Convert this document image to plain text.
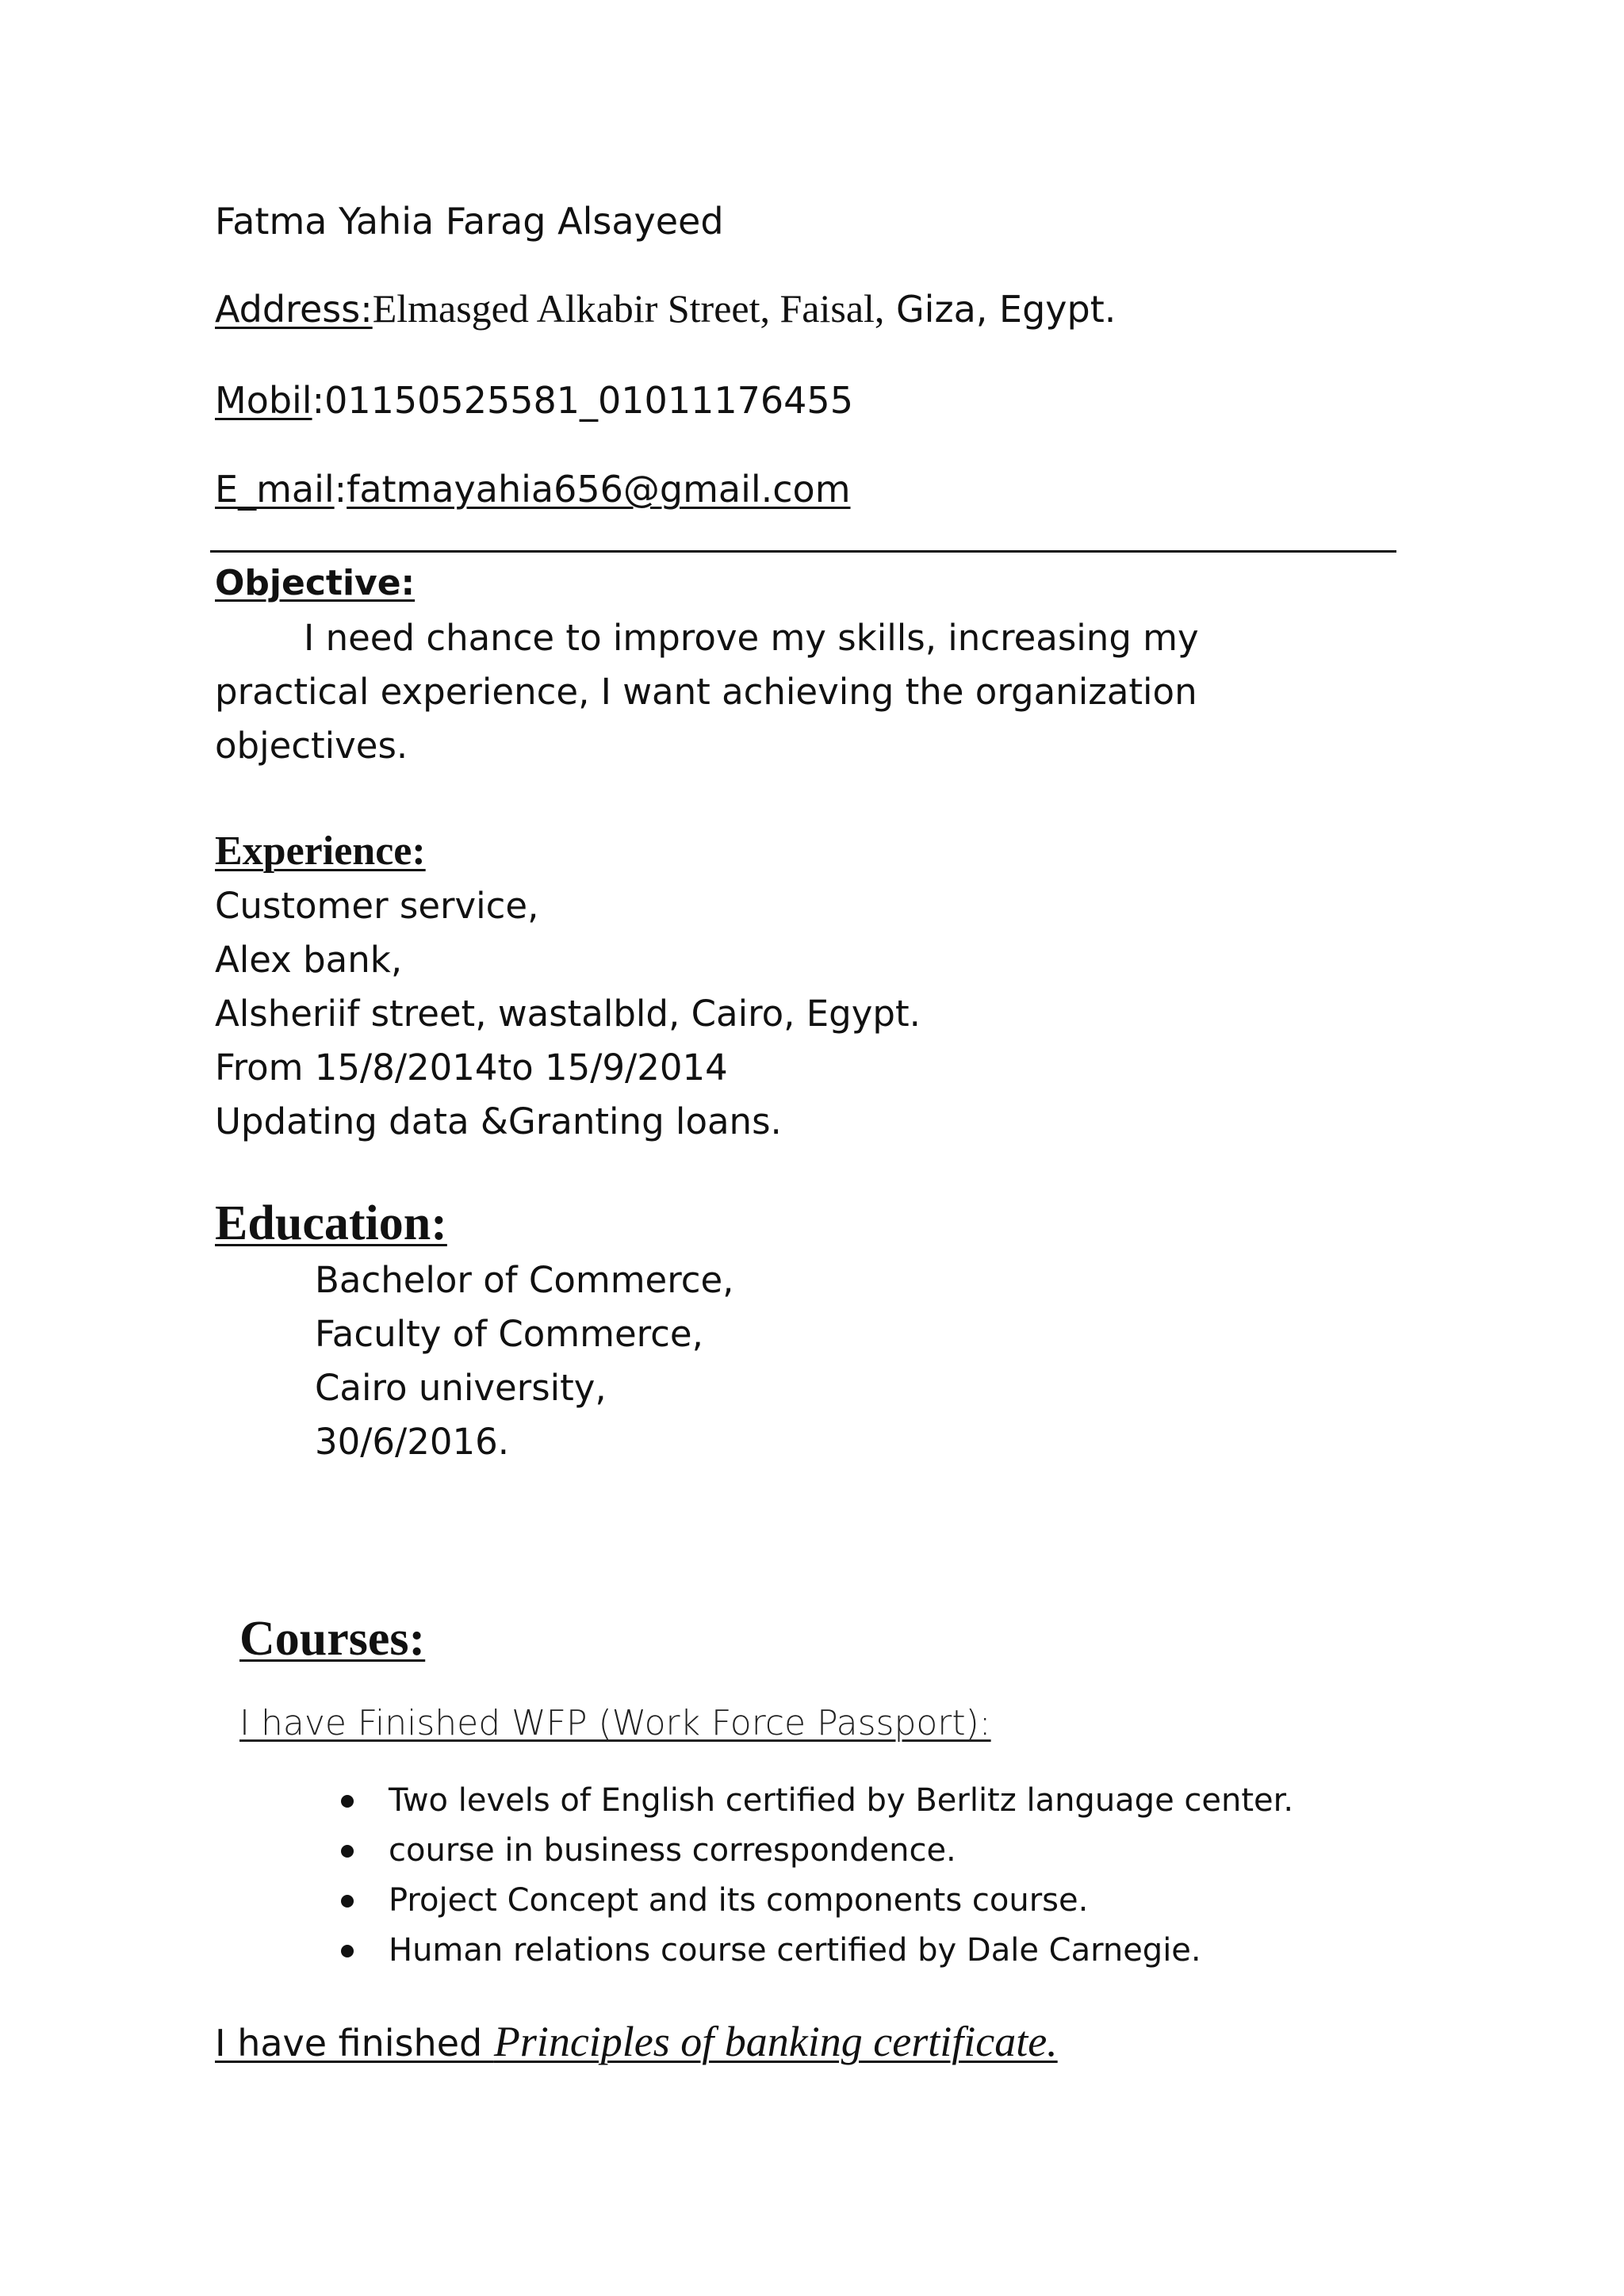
Fatma Yahia Farag Alsayeed

Address:Elmasged Alkabir Street, Faisal, Giza, Egypt.

Mobil:01150525581_01011176455

E_mail:fatmayahia656@gmail.com

Objective:

I need chance to improve my skills, increasing my

practical experience, I want achieving the organization

objectives.

Experience:

Customer service,

Alex bank,

Alsheriif street, wastalbld, Cairo, Egypt.

From 15/8/2014to 15/9/2014

Updating data &Granting loans.

Education:

Bachelor of Commerce,

Faculty of Commerce,

Cairo university,

30/6/2016.

Courses:

I have Finished WFP (Work Force Passport):

Two levels of English certified by Berlitz language center.
course in business correspondence.
Project Concept and its components course.
Human relations course certified by Dale Carnegie.

I have finished Principles of banking certificate.
